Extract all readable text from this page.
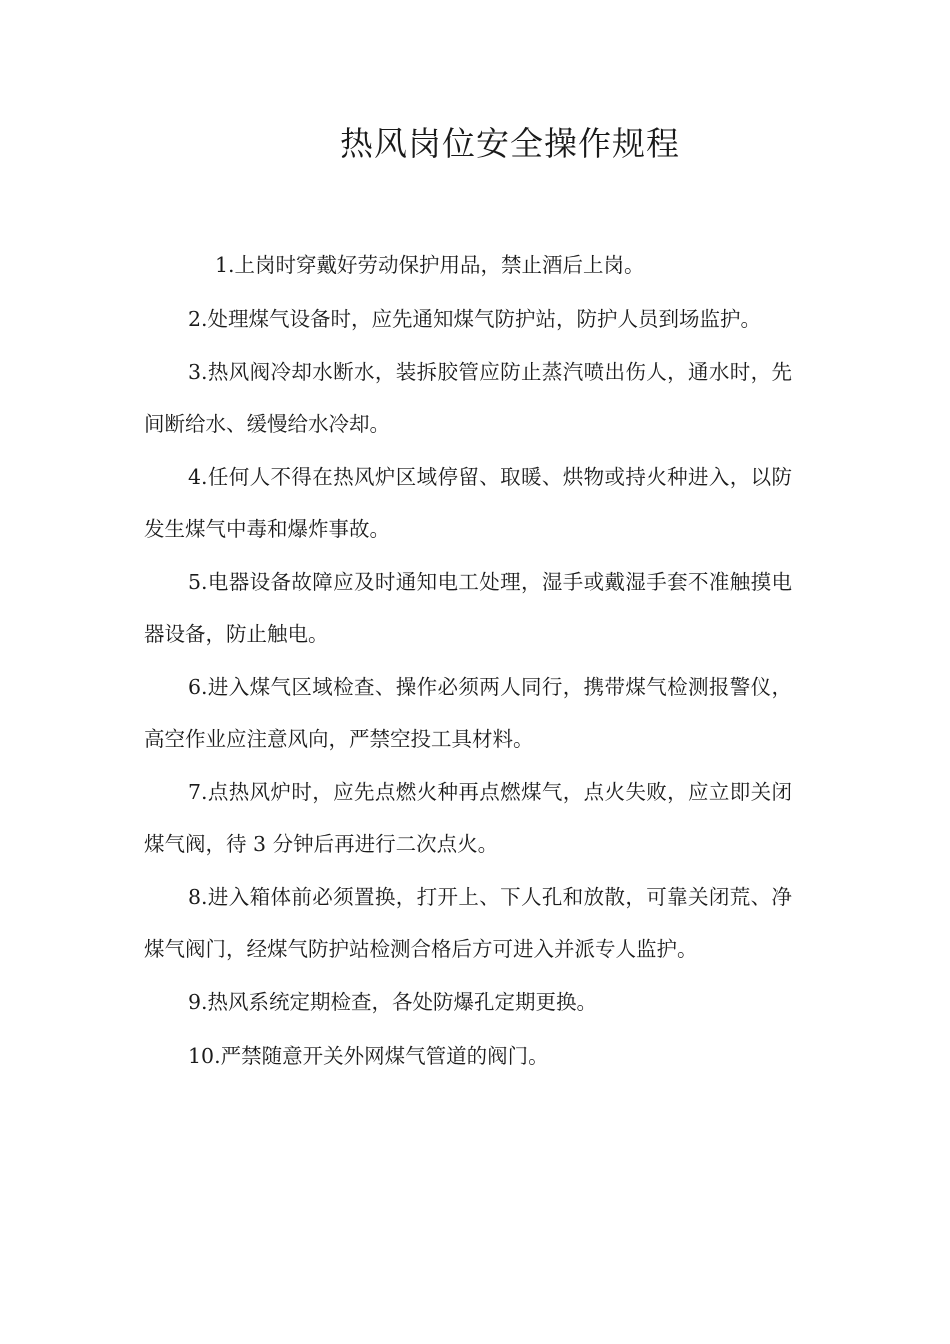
热风岗位安全操作规程

1.上岗时穿戴好劳动保护用品，禁止酒后上岗。

2.处理煤气设备时，应先通知煤气防护站，防护人员到场监护。

3.热风阀冷却水断水，装拆胶管应防止蒸汽喷出伤人，通水时，先间断给水、缓慢给水冷却。

4.任何人不得在热风炉区域停留、取暖、烘物或持火种进入，以防发生煤气中毒和爆炸事故。

5.电器设备故障应及时通知电工处理，湿手或戴湿手套不准触摸电器设备，防止触电。

6.进入煤气区域检查、操作必须两人同行，携带煤气检测报警仪，高空作业应注意风向，严禁空投工具材料。

7.点热风炉时，应先点燃火种再点燃煤气，点火失败，应立即关闭煤气阀，待 3 分钟后再进行二次点火。

8.进入箱体前必须置换，打开上、下人孔和放散，可靠关闭荒、净煤气阀门，经煤气防护站检测合格后方可进入并派专人监护。

9.热风系统定期检查，各处防爆孔定期更换。

10.严禁随意开关外网煤气管道的阀门。
